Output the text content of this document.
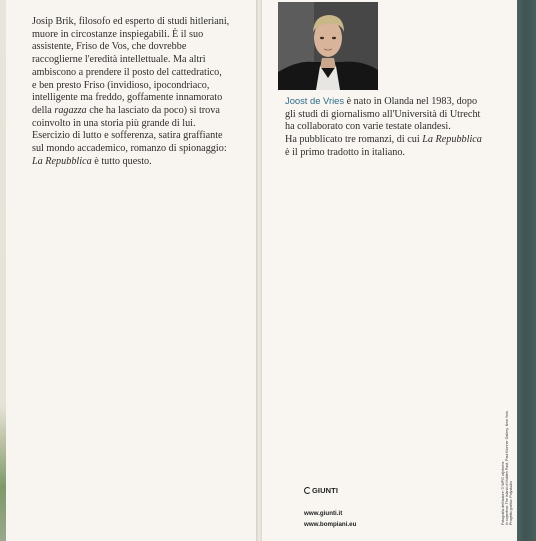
Josip Brik, filosofo ed esperto di studi hitleriani,

muore in circostanze inspiegabili. È il suo

assistente, Friso de Vos, che dovrebbe

raccoglierne l'eredità intellettuale. Ma altri

ambiscono a prendere il posto del cattedratico,

e ben presto Friso (invidioso, ipocondriaco,

intelligente ma freddo, goffamente innamorato

della ragazza che ha lasciato da poco) si trova

coinvolto in una storia più grande di lui.

Esercizio di lutto e sofferenza, satira graffiante

sul mondo accademico, romanzo di spionaggio:

La Repubblica è tutto questo.

Joost de Vries è nato in Olanda nel 1983, dopo

gli studi di giornalismo all'Università di Utrecht

ha collaborato con varie testate olandesi.

Ha pubblicato tre romanzi, di cui La Repubblica

è il primo tradotto in italiano.

GIUNTI
www.giunti.it
www.bompiani.eu	Fotografia dell'autore: © WPG olijntwins In copertina: The Island of Hidden Past, Paul Klonner Gallery, New York. Progetto grafico: Polystudio
